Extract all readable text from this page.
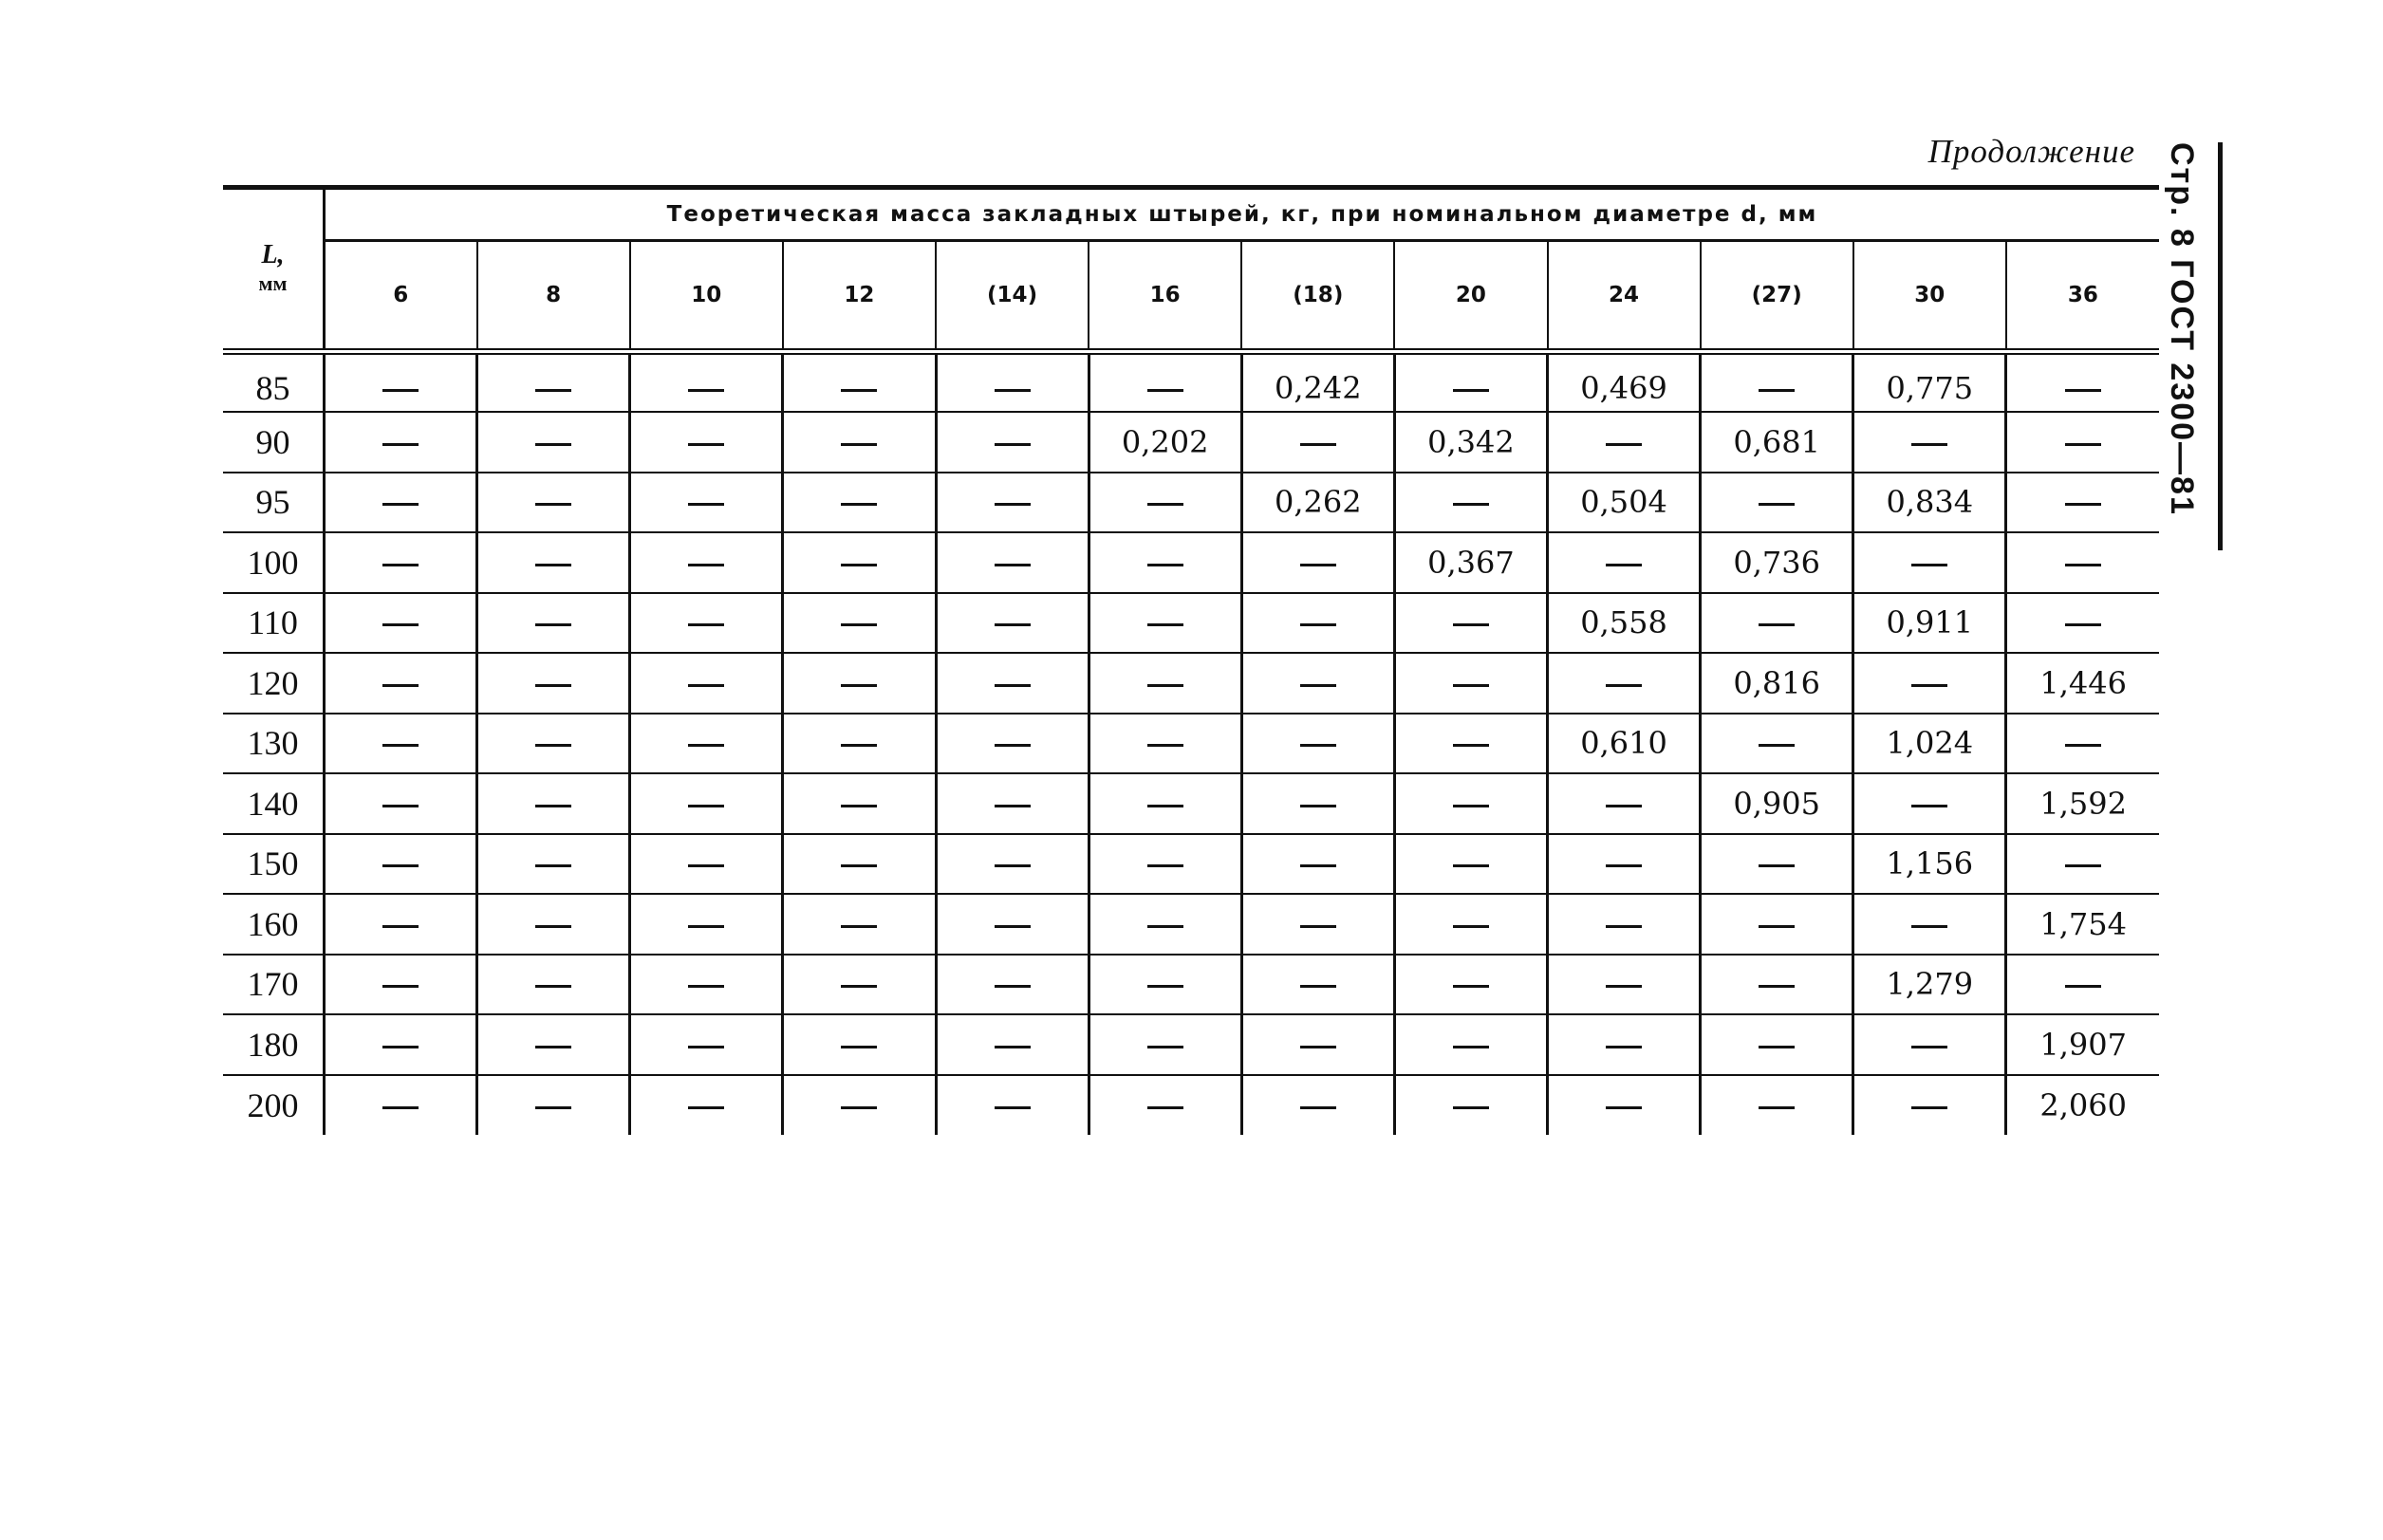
Продолжение Стр. 8 ГОСТ 2300—81
L,
мм	Теоретическая масса закладных штырей, кг, при номинальном диаметре d, мм											
	6	8	10	12	(14)	16	(18)	20	24	(27)	30	36
85							0,242		0,469		0,775	
90						0,202		0,342		0,681		
95							0,262		0,504		0,834	
100								0,367		0,736		
110									0,558		0,911	
120										0,816		1,446
130									0,610		1,024	
140										0,905		1,592
150											1,156	
160												1,754
170											1,279	
180												1,907
200												2,060
